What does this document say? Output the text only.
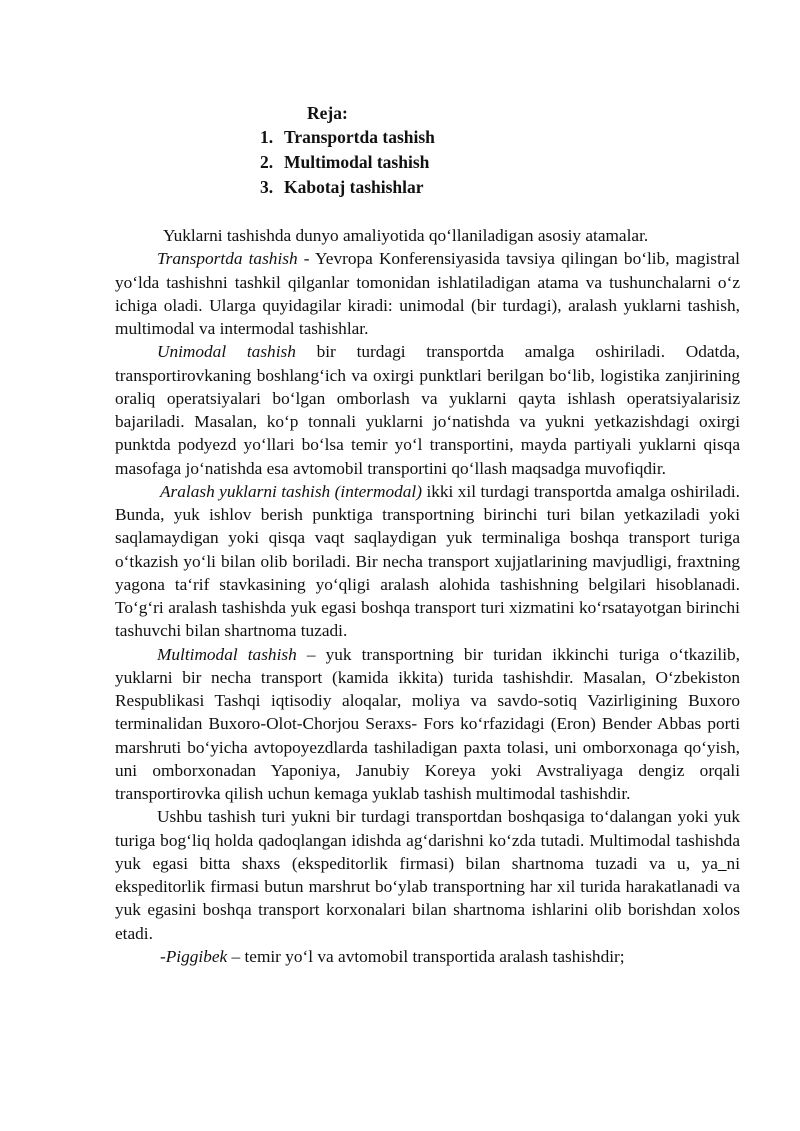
Reja:
1. Transportda tashish
2. Multimodal tashish
3. Kabotaj tashishlar

Yuklarni tashishda dunyo amaliyotida qo‘llaniladigan asosiy atamalar.

Transportda tashish - Yevropa Konferensiyasida tavsiya qilingan bo‘lib, magistral yo‘lda tashishni tashkil qilganlar tomonidan ishlatiladigan atama va tushunchalarni o‘z ichiga oladi. Ularga quyidagilar kiradi: unimodal (bir turdagi), aralash yuklarni tashish, multimodal va intermodal tashishlar.

Unimodal tashish bir turdagi transportda amalga oshiriladi. Odatda, transportirovkaning boshlang‘ich va oxirgi punktlari berilgan bo‘lib, logistika zanjirining oraliq operatsiyalari bo‘lgan omborlash va yuklarni qayta ishlash operatsiyalarisiz bajariladi. Masalan, ko‘p tonnali yuklarni jo‘natishda va yukni yetkazishdagi oxirgi punktda podyezd yo‘llari bo‘lsa temir yo‘l transportini, mayda partiyali yuklarni qisqa masofaga jo‘natishda esa avtomobil transportini qo‘llash maqsadga muvofiqdir.

Aralash yuklarni tashish (intermodal) ikki xil turdagi transportda amalga oshiriladi. Bunda, yuk ishlov berish punktiga transportning birinchi turi bilan yetkaziladi yoki saqlamaydigan yoki qisqa vaqt saqlaydigan yuk terminaliga boshqa transport turiga o‘tkazish yo‘li bilan olib boriladi. Bir necha transport xujjatlarining mavjudligi, fraxtning yagona ta‘rif stavkasining yo‘qligi aralash alohida tashishning belgilari hisoblanadi. To‘g‘ri aralash tashishda yuk egasi boshqa transport turi xizmatini ko‘rsatayotgan birinchi tashuvchi bilan shartnoma tuzadi.

Multimodal tashish – yuk transportning bir turidan ikkinchi turiga o‘tkazilib, yuklarni bir necha transport (kamida ikkita) turida tashishdir. Masalan, O‘zbekiston Respublikasi Tashqi iqtisodiy aloqalar, moliya va savdo-sotiq Vazirligining Buxoro terminalidan Buxoro-Olot-Chorjou Seraxs- Fors ko‘rfazidagi (Eron) Bender Abbas porti marshruti bo‘yicha avtopoyezdlarda tashiladigan paxta tolasi, uni omborxonaga qo‘yish, uni omborxonadan Yaponiya, Janubiy Koreya yoki Avstraliyaga dengiz orqali transportirovka qilish uchun kemaga yuklab tashish multimodal tashishdir.

Ushbu tashish turi yukni bir turdagi transportdan boshqasiga to‘dalangan yoki yuk turiga bog‘liq holda qadoqlangan idishda ag‘darishni ko‘zda tutadi. Multimodal tashishda yuk egasi bitta shaxs (ekspeditorlik firmasi) bilan shartnoma tuzadi va u, ya_ni ekspeditorlik firmasi butun marshrut bo‘ylab transportning har xil turida harakatlanadi va yuk egasini boshqa transport korxonalari bilan shartnoma ishlarini olib borishdan xolos etadi.

-Piggibek – temir yo‘l va avtomobil transportida aralash tashishdir;
